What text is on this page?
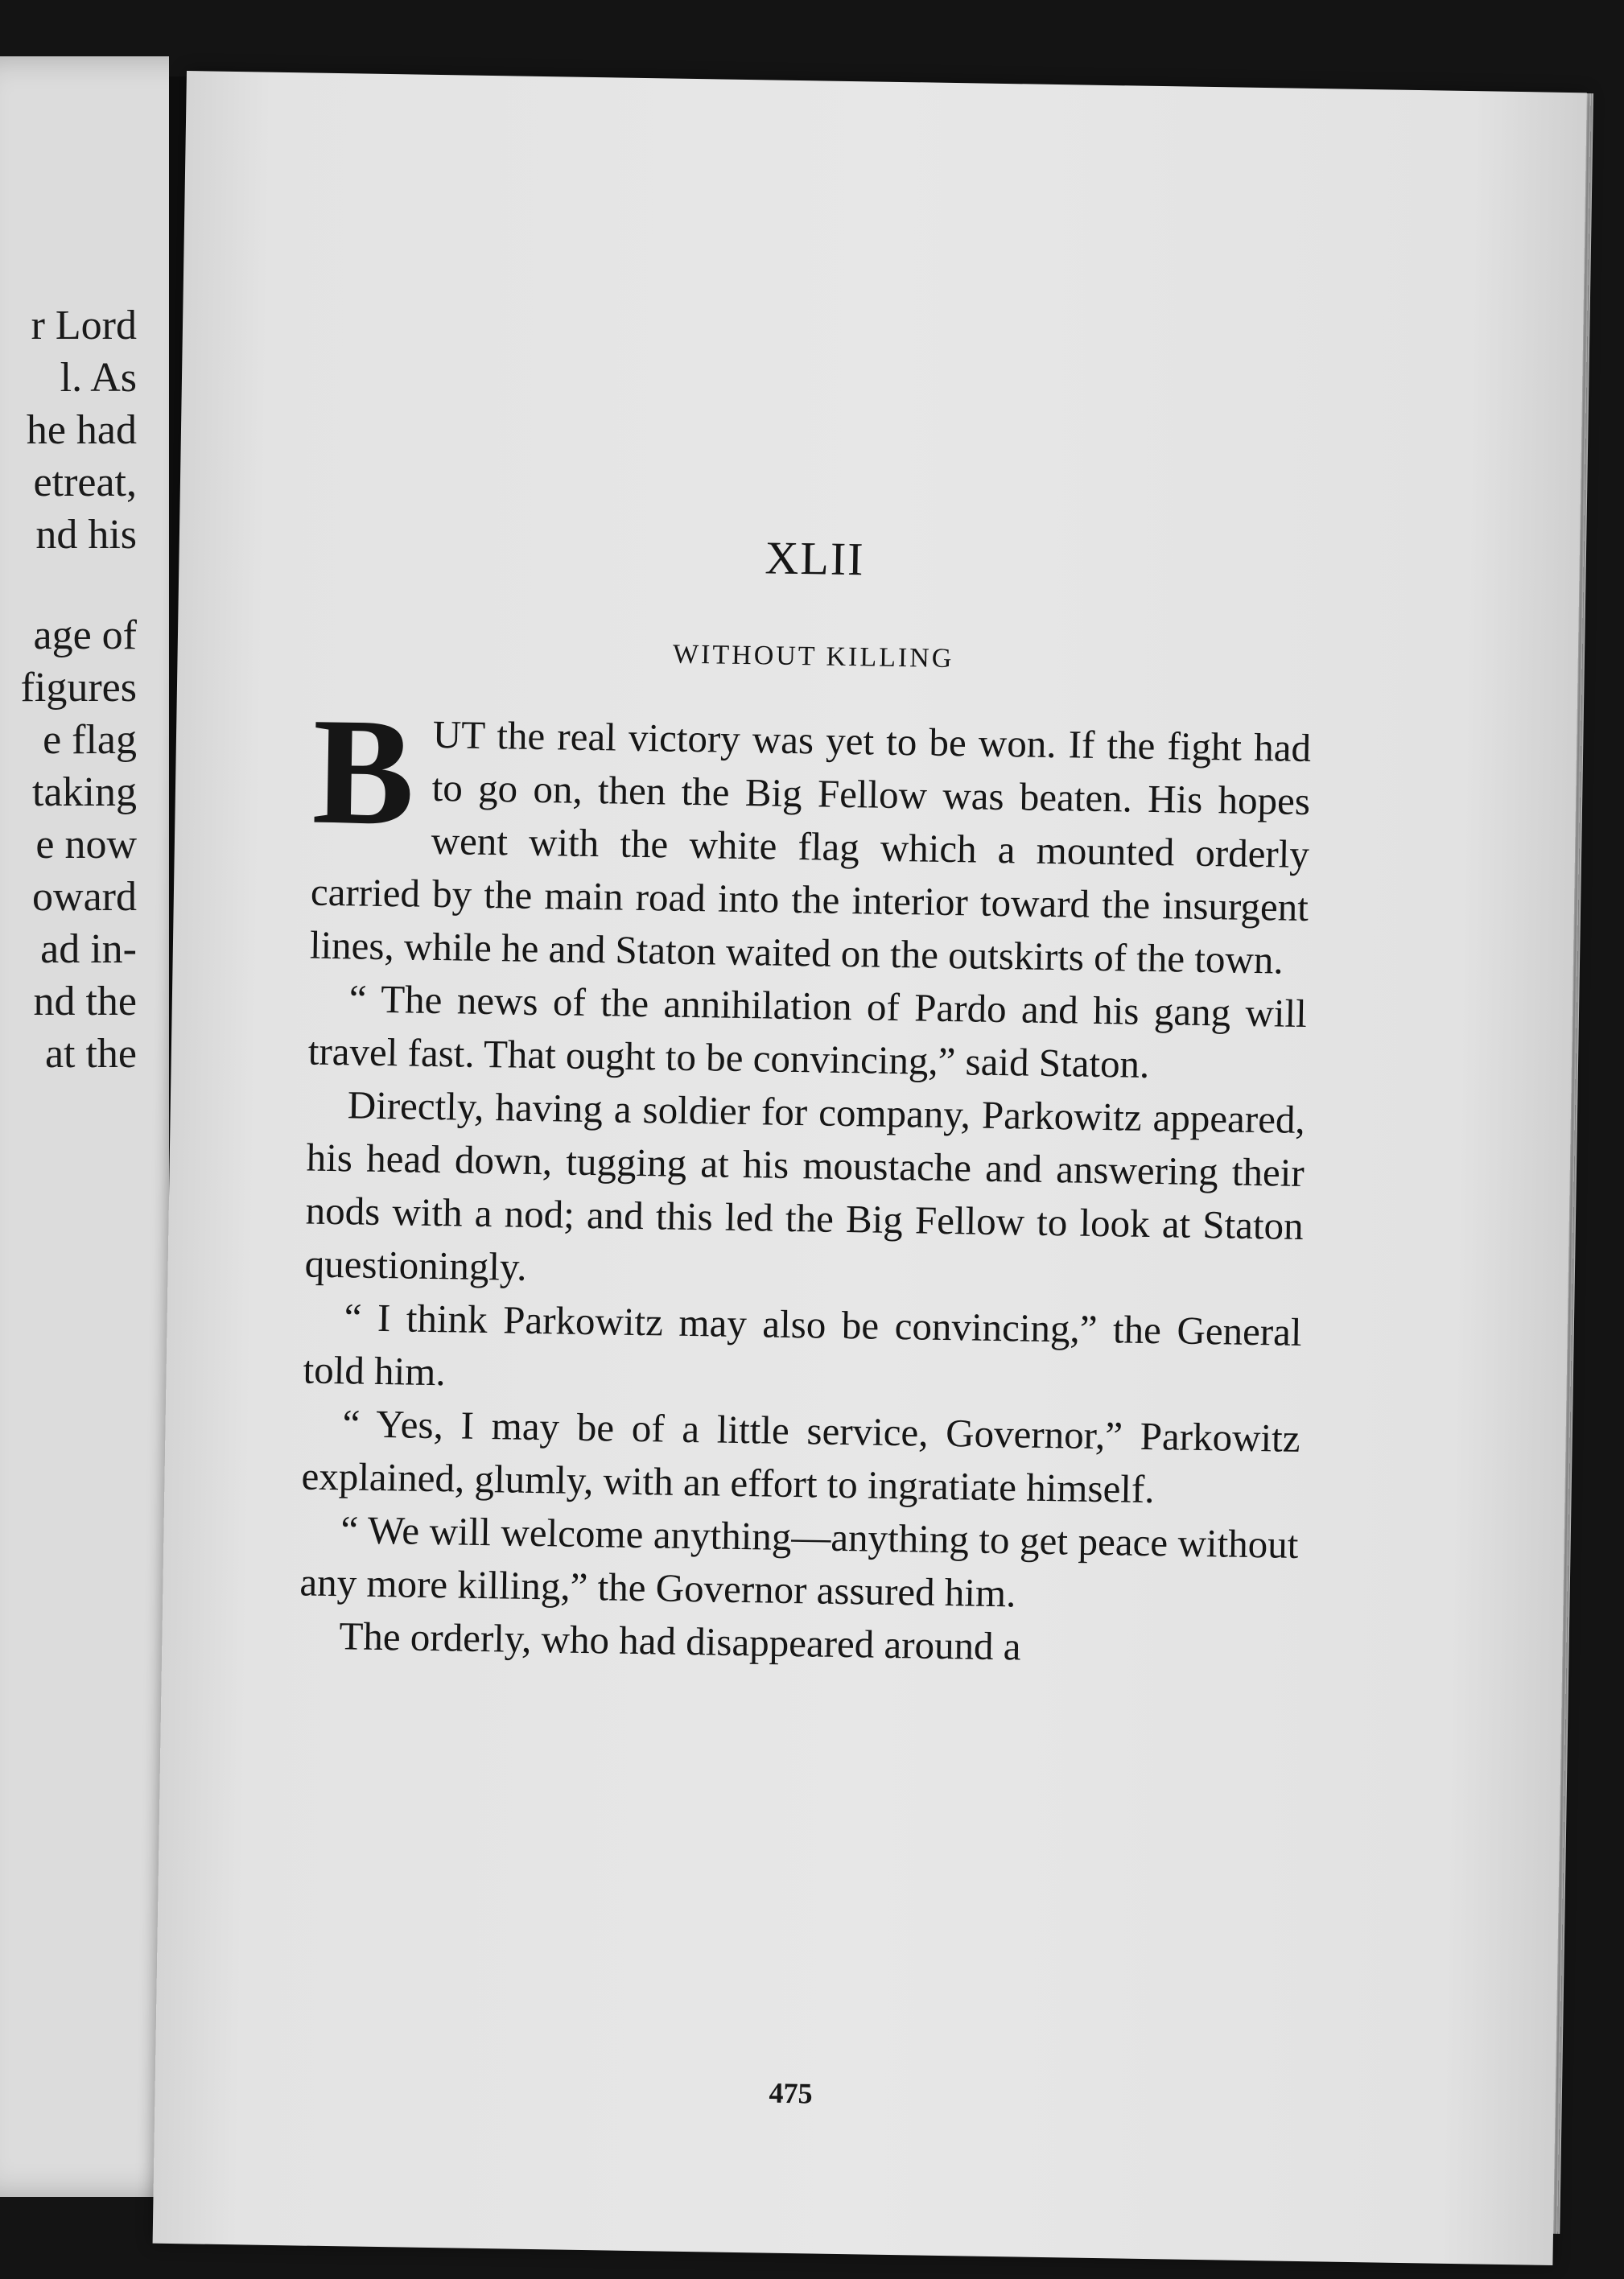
r Lord
l. As
he had
etreat,
nd his
age of
figures
e flag
taking
e now
oward
ad in-
nd the
at the
XLII
WITHOUT KILLING

BUT the real victory was yet to be won. If the fight had to go on, then the Big Fellow was beaten. His hopes went with the white flag which a mounted orderly carried by the main road into the interior toward the insurgent lines, while he and Staton waited on the outskirts of the town.

“ The news of the annihilation of Pardo and his gang will travel fast. That ought to be convincing,” said Staton.

Directly, having a soldier for company, Parkowitz appeared, his head down, tugging at his moustache and answering their nods with a nod; and this led the Big Fellow to look at Staton questioningly.

“ I think Parkowitz may also be convincing,” the General told him.

“ Yes, I may be of a little service, Governor,” Parkowitz explained, glumly, with an effort to ingratiate himself.

“ We will welcome anything—anything to get peace without any more killing,” the Governor assured him.

The orderly, who had disappeared around a

475
